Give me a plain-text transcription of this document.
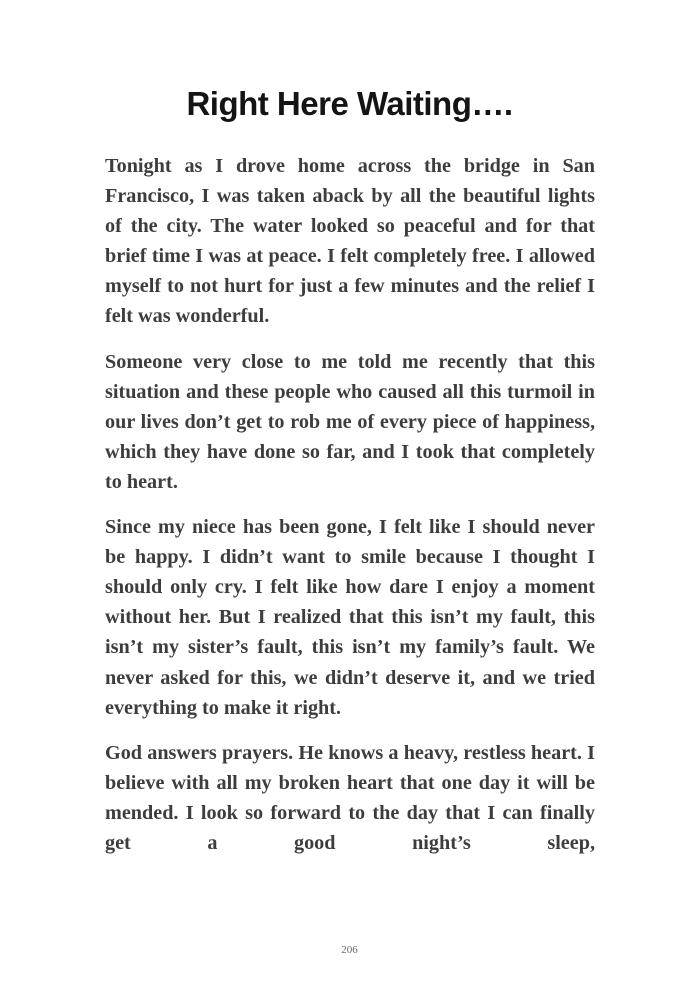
Right Here Waiting….

Tonight as I drove home across the bridge in San Francisco, I was taken aback by all the beautiful lights of the city. The water looked so peaceful and for that brief time I was at peace. I felt completely free. I allowed myself to not hurt for just a few minutes and the relief I felt was wonderful.

Someone very close to me told me recently that this situation and these people who caused all this turmoil in our lives don’t get to rob me of every piece of happiness, which they have done so far, and I took that completely to heart.

Since my niece has been gone, I felt like I should never be happy. I didn’t want to smile because I thought I should only cry. I felt like how dare I enjoy a moment without her. But I realized that this isn’t my fault, this isn’t my sister’s fault, this isn’t my family’s fault. We never asked for this, we didn’t deserve it, and we tried everything to make it right.

God answers prayers. He knows a heavy, restless heart. I believe with all my broken heart that one day it will be mended. I look so forward to the day that I can finally get a good night’s sleep,

206
